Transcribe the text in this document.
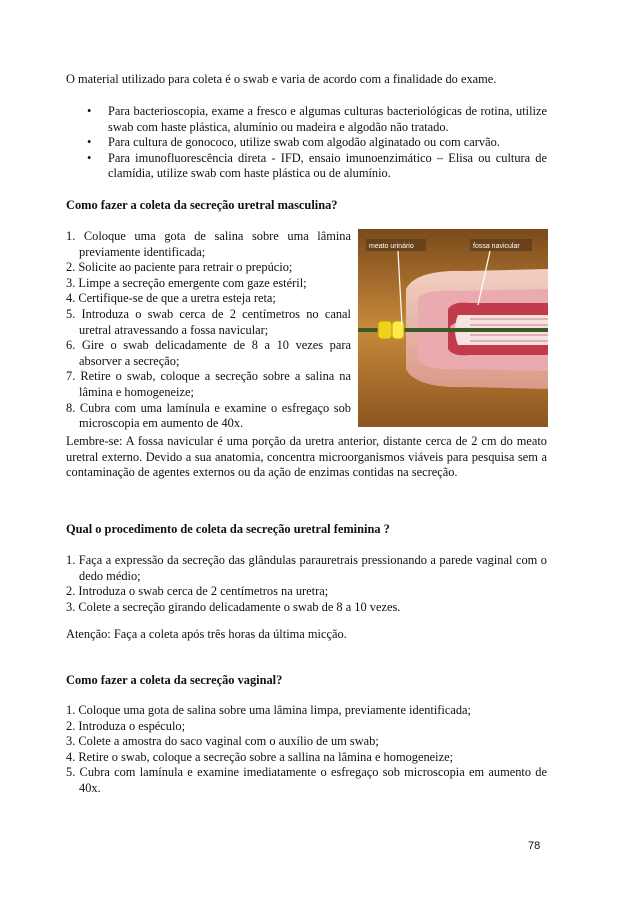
O material utilizado para coleta é o swab e varia de acordo com a finalidade do exame.

• Para bacterioscopia, exame a fresco e algumas culturas bacteriológicas de rotina, utilize swab com haste plástica, alumínio ou madeira e algodão não tratado.
• Para cultura de gonococo, utilize swab com algodão alginatado ou com carvão.
• Para imunofluorescência direta - IFD, ensaio imunoenzimático – Elisa ou cultura de clamídia, utilize swab com haste plástica ou de alumínio.

Como fazer a coleta da secreção uretral masculina?

1. Coloque uma gota de salina sobre uma lâmina previamente identificada;
2. Solicite ao paciente para retrair o prepúcio;
3. Limpe a secreção emergente com gaze estéril;
4. Certifique-se de que a uretra esteja reta;
5. Introduza o swab cerca de 2 centímetros no canal uretral atravessando a fossa navicular;
6. Gire o swab delicadamente de 8 a 10 vezes para absorver a secreção;
7. Retire o swab, coloque a secreção sobre a salina na lâmina e homogeneize;
8. Cubra com uma lamínula e examine o esfregaço sob microscopia em aumento de 40x.
meato urinário	fossa navicular

Lembre-se: A fossa navicular é uma porção da uretra anterior, distante cerca de 2 cm do meato uretral externo. Devido a sua anatomia, concentra microorganismos viáveis para pesquisa sem a contaminação de agentes externos ou da ação de enzimas contidas na secreção.

Qual o procedimento de coleta da secreção uretral feminina ?

1. Faça a expressão da secreção das glândulas parauretrais pressionando a parede vaginal com o dedo médio;
2. Introduza o swab cerca de 2 centímetros na uretra;
3. Colete a secreção girando delicadamente o swab de 8 a 10 vezes.

Atenção: Faça a coleta após três horas da última micção.

Como fazer a coleta da secreção vaginal?

1. Coloque uma gota de salina sobre uma lâmina limpa, previamente identificada;
2. Introduza o espéculo;
3. Colete a amostra do saco vaginal com o auxílio de um swab;
4. Retire o swab, coloque a secreção sobre a sallina na lâmina e homogeneize;
5. Cubra com lamínula e examine imediatamente o esfregaço sob microscopia em aumento de 40x.
78
